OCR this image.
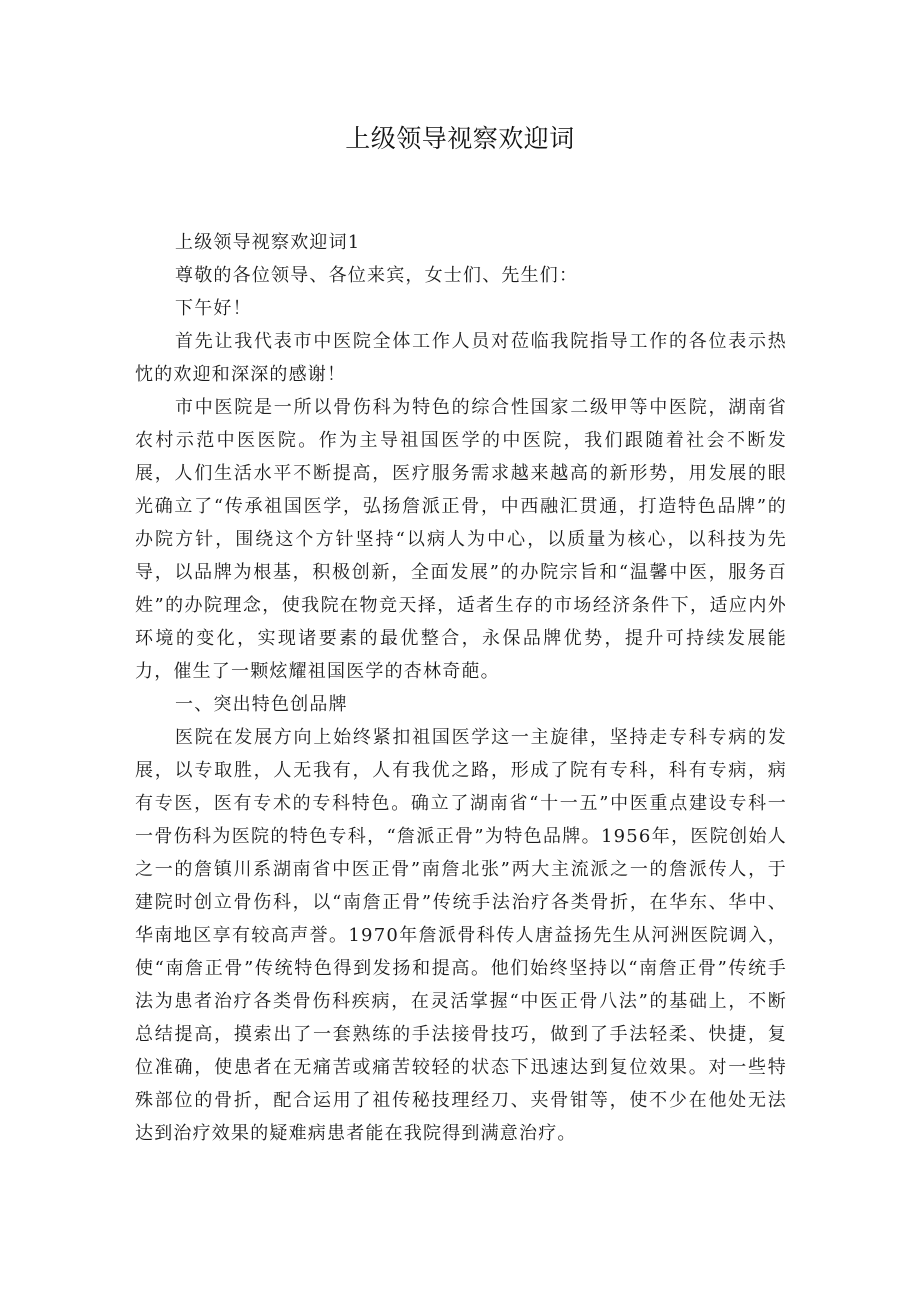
上级领导视察欢迎词

上级领导视察欢迎词1

尊敬的各位领导、各位来宾，女士们、先生们：

下午好！

首先让我代表市中医院全体工作人员对莅临我院指导工作的各位表示热忱的欢迎和深深的感谢！

市中医院是一所以骨伤科为特色的综合性国家二级甲等中医院，湖南省农村示范中医医院。作为主导祖国医学的中医院，我们跟随着社会不断发展，人们生活水平不断提高，医疗服务需求越来越高的新形势，用发展的眼光确立了“传承祖国医学，弘扬詹派正骨，中西融汇贯通，打造特色品牌”的办院方针，围绕这个方针坚持“以病人为中心，以质量为核心，以科技为先导，以品牌为根基，积极创新，全面发展”的办院宗旨和“温馨中医，服务百姓”的办院理念，使我院在物竞天择，适者生存的市场经济条件下，适应内外环境的变化，实现诸要素的最优整合，永保品牌优势，提升可持续发展能力，催生了一颗炫耀祖国医学的杏林奇葩。

一、突出特色创品牌

医院在发展方向上始终紧扣祖国医学这一主旋律，坚持走专科专病的发展，以专取胜，人无我有，人有我优之路，形成了院有专科，科有专病，病有专医，医有专术的专科特色。确立了湖南省“十一五”中医重点建设专科一一骨伤科为医院的特色专科，“詹派正骨”为特色品牌。1956年，医院创始人之一的詹镇川系湖南省中医正骨”南詹北张”两大主流派之一的詹派传人，于建院时创立骨伤科，以“南詹正骨”传统手法治疗各类骨折，在华东、华中、华南地区享有较高声誉。1970年詹派骨科传人唐益扬先生从河洲医院调入，使“南詹正骨”传统特色得到发扬和提高。他们始终坚持以“南詹正骨”传统手法为患者治疗各类骨伤科疾病，在灵活掌握“中医正骨八法”的基础上，不断总结提高，摸索出了一套熟练的手法接骨技巧，做到了手法轻柔、快捷，复位准确，使患者在无痛苦或痛苦较轻的状态下迅速达到复位效果。对一些特殊部位的骨折，配合运用了祖传秘技理经刀、夹骨钳等，使不少在他处无法达到治疗效果的疑难病患者能在我院得到满意治疗。
